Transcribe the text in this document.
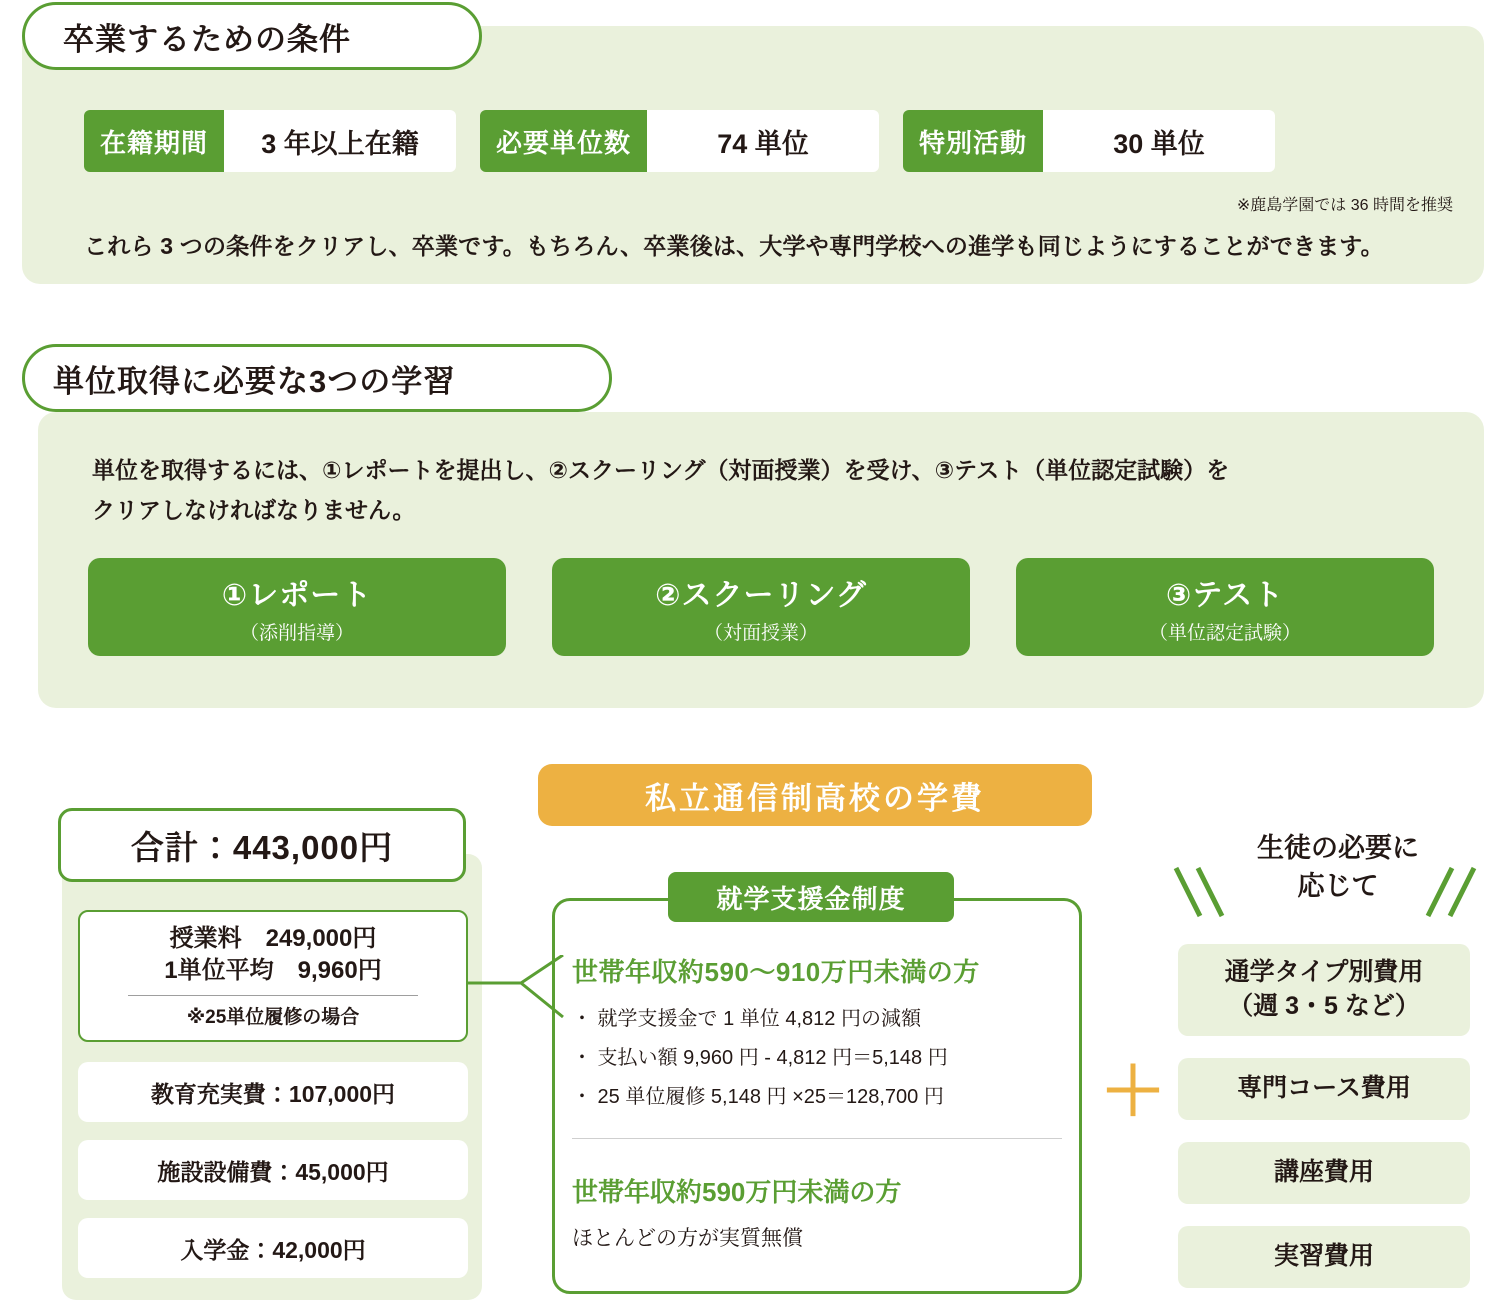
卒業するための条件
在籍期間	3 年以上在籍	必要単位数	74 単位	特別活動	30 単位
※鹿島学園では 36 時間を推奨
これら 3 つの条件をクリアし、卒業です。もちろん、卒業後は、大学や専門学校への進学も同じようにすることができます。
単位取得に必要な3つの学習
単位を取得するには、①レポートを提出し、②スクーリング（対面授業）を受け、③テスト（単位認定試験）を
クリアしなければなりません。
①レポート
（添削指導）
②スクーリング
（対面授業）
③テスト
（単位認定試験）
私立通信制高校の学費
合計：443,000円
授業料　249,000円
1単位平均　9,960円
※25単位履修の場合
教育充実費：107,000円
施設設備費：45,000円
入学金：42,000円
就学支援金制度
世帯年収約590～910万円未満の方
・ 就学支援金で 1 単位 4,812 円の減額
・ 支払い額 9,960 円 - 4,812 円＝5,148 円
・ 25 単位履修 5,148 円 ×25＝128,700 円
世帯年収約590万円未満の方
ほとんどの方が実質無償
＋
生徒の必要に
応じて
通学タイプ別費用
（週 3・5 など）
専門コース費用
講座費用
実習費用
